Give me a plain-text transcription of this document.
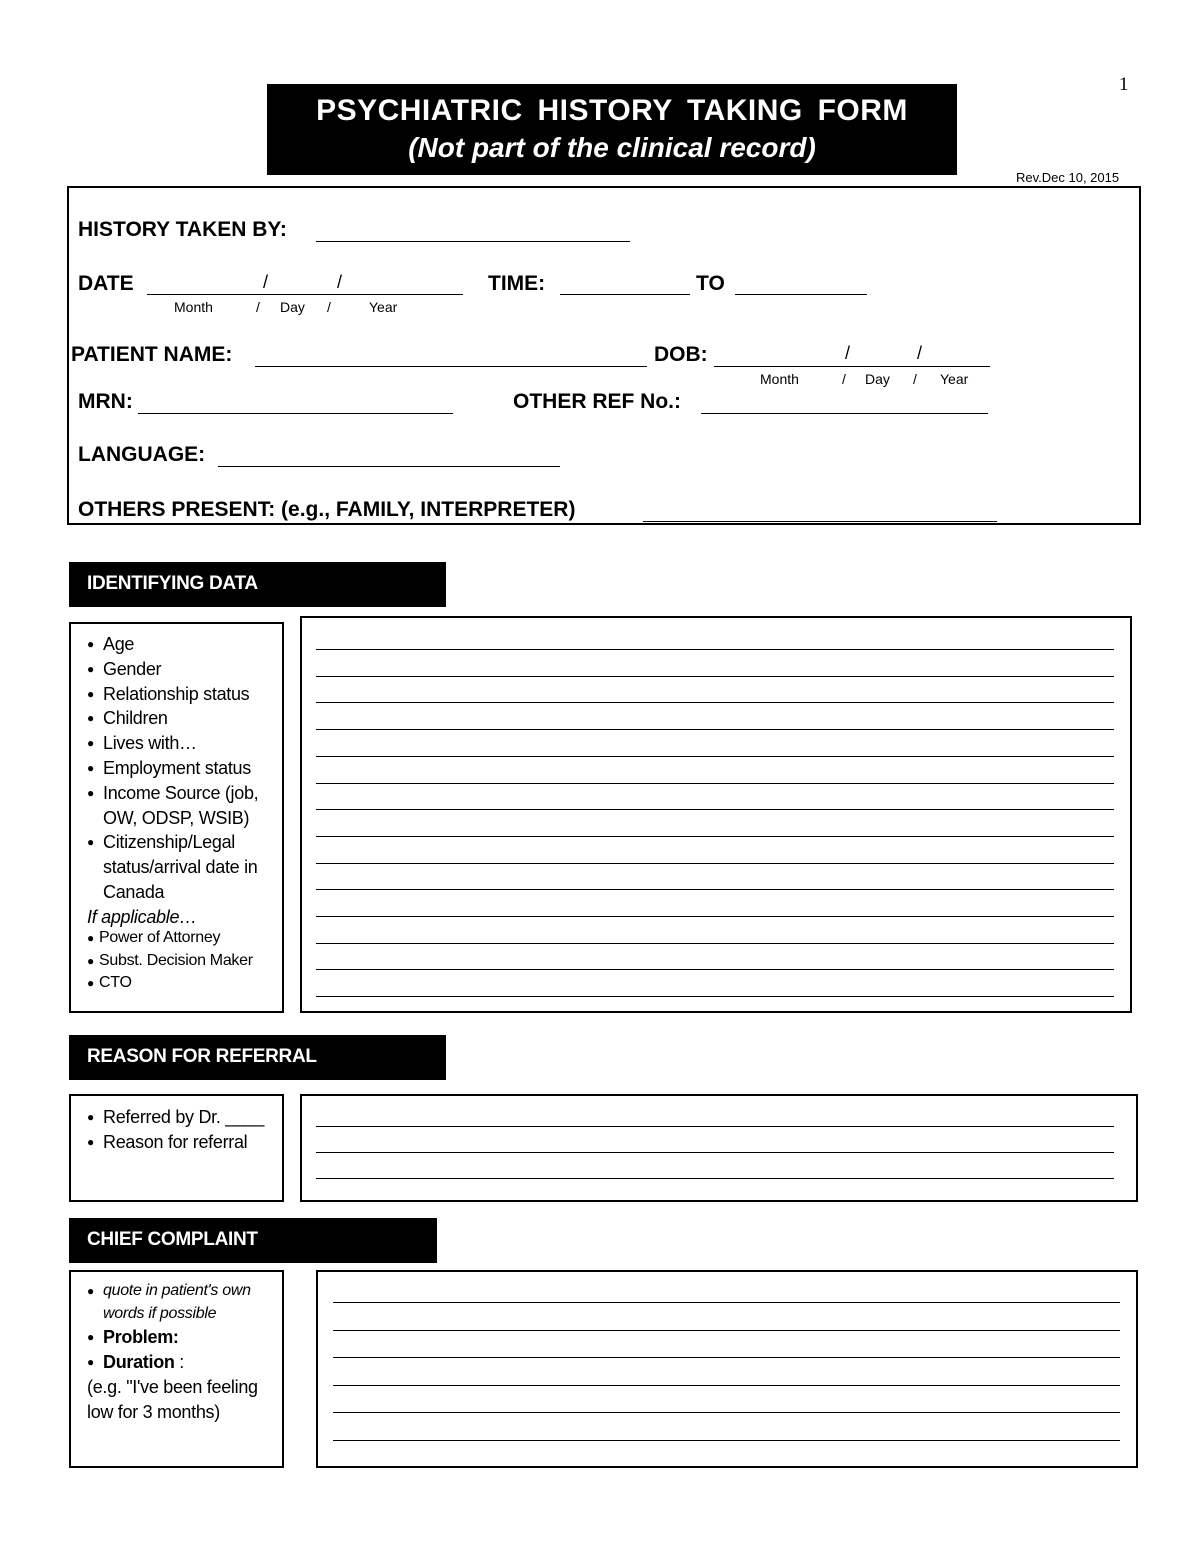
1
PSYCHIATRIC HISTORY TAKING FORM
(Not part of the clinical record)
Rev.Dec 10, 2015
HISTORY TAKEN BY:
DATE	/	/
Month	/ Day /	Year
TIME:	TO
PATIENT NAME:	DOB:	/	/
Month	/ Day / Year
MRN:	OTHER REF No.:
LANGUAGE:
OTHERS PRESENT: (e.g., FAMILY, INTERPRETER)
IDENTIFYING DATA
● Age
● Gender
● Relationship status
● Children
● Lives with…
● Employment status
● Income Source (job, OW, ODSP, WSIB)
● Citizenship/Legal status/arrival date in Canada
If applicable…
● Power of Attorney
● Subst. Decision Maker
● CTO
REASON FOR REFERRAL
● Referred by Dr. ____
● Reason for referral
CHIEF COMPLAINT
● quote in patient's own words if possible
● Problem:
● Duration :
(e.g. "I've been feeling low for 3 months)
